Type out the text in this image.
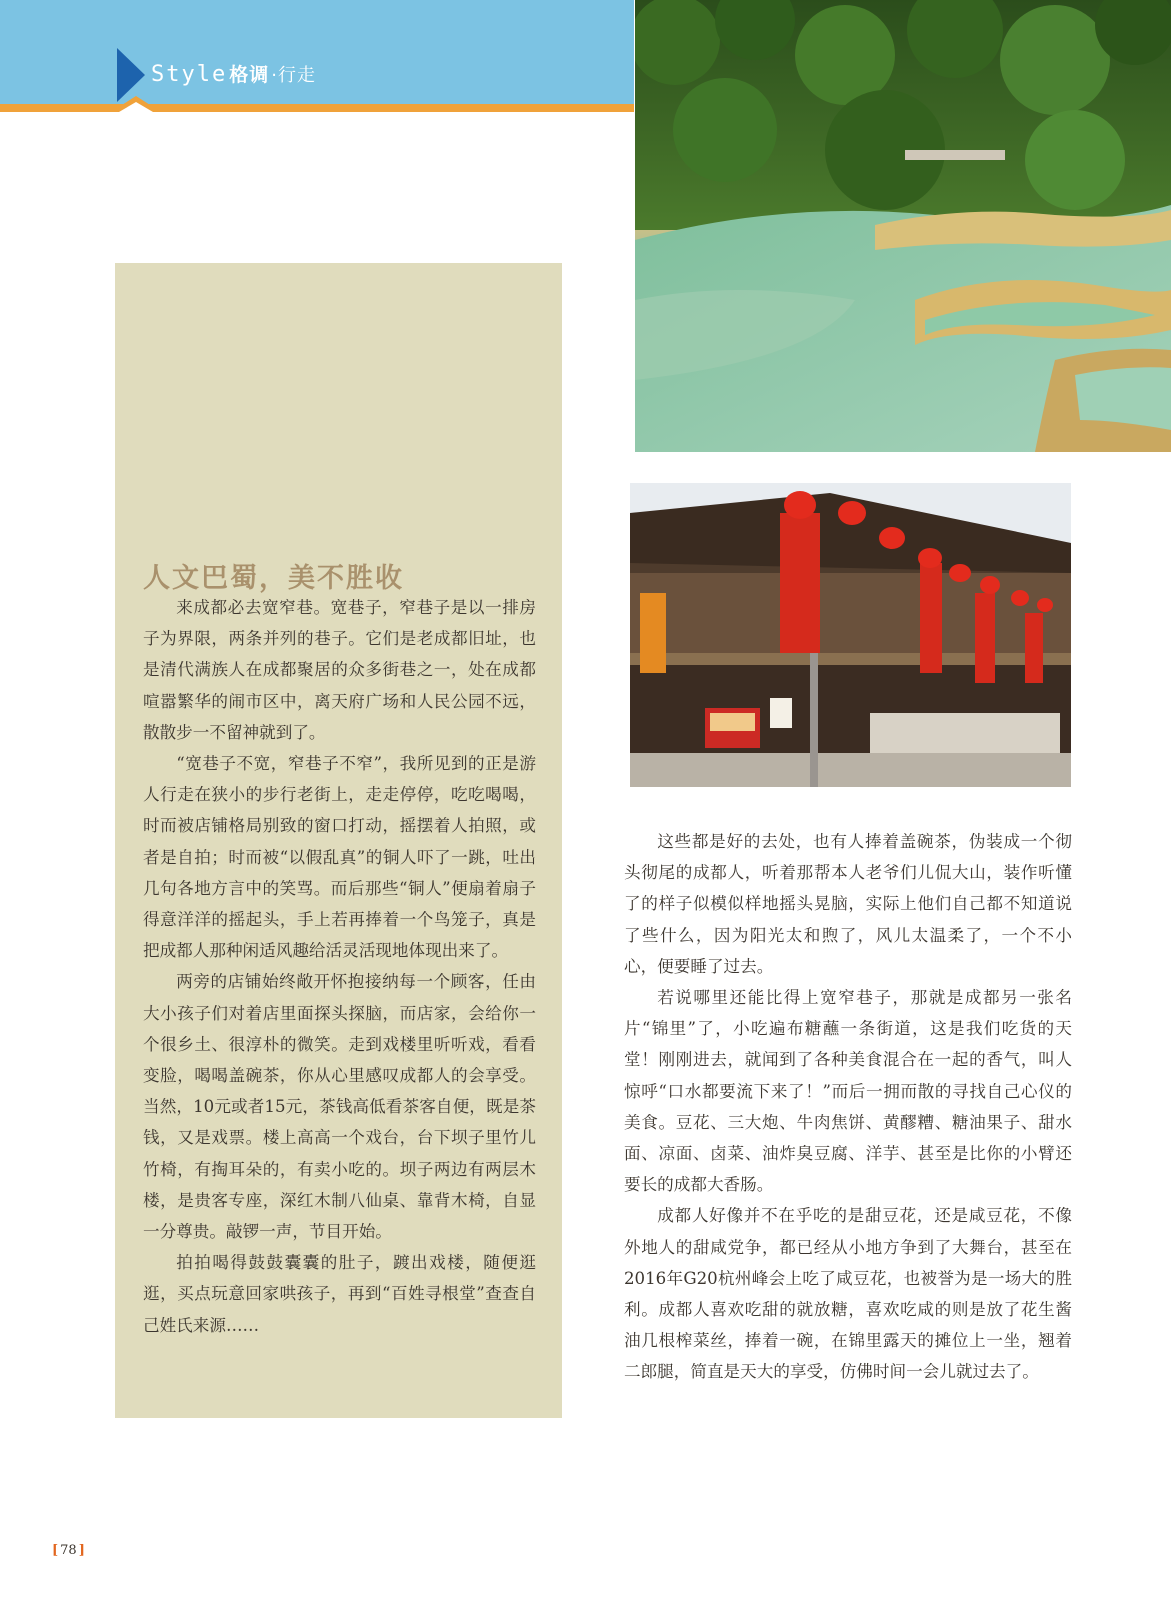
Style 格调 ·行走
人文巴蜀，美不胜收

来成都必去宽窄巷。宽巷子，窄巷子是以一排房子为界限，两条并列的巷子。它们是老成都旧址，也是清代满族人在成都聚居的众多街巷之一，处在成都喧嚣繁华的闹市区中，离天府广场和人民公园不远，散散步一不留神就到了。

“宽巷子不宽，窄巷子不窄”，我所见到的正是游人行走在狭小的步行老街上，走走停停，吃吃喝喝，时而被店铺格局别致的窗口打动，摇摆着人拍照，或者是自拍；时而被“以假乱真”的铜人吓了一跳，吐出几句各地方言中的笑骂。而后那些“铜人”便扇着扇子得意洋洋的摇起头，手上若再捧着一个鸟笼子，真是把成都人那种闲适风趣给活灵活现地体现出来了。

两旁的店铺始终敞开怀抱接纳每一个顾客，任由大小孩子们对着店里面探头探脑，而店家，会给你一个很乡土、很淳朴的微笑。走到戏楼里听听戏，看看变脸，喝喝盖碗茶，你从心里感叹成都人的会享受。当然，10元或者15元，茶钱高低看茶客自便，既是茶钱，又是戏票。楼上高高一个戏台，台下坝子里竹儿竹椅，有掏耳朵的，有卖小吃的。坝子两边有两层木楼，是贵客专座，深红木制八仙桌、靠背木椅，自显一分尊贵。敲锣一声，节目开始。

拍拍喝得鼓鼓囊囊的肚子，踱出戏楼，随便逛逛，买点玩意回家哄孩子，再到“百姓寻根堂”查查自己姓氏来源……

这些都是好的去处，也有人捧着盖碗茶，伪装成一个彻头彻尾的成都人，听着那帮本人老爷们儿侃大山，装作听懂了的样子似模似样地摇头晃脑，实际上他们自己都不知道说了些什么，因为阳光太和煦了，风儿太温柔了，一个不小心，便要睡了过去。

若说哪里还能比得上宽窄巷子，那就是成都另一张名片“锦里”了，小吃遍布糖蘸一条街道，这是我们吃货的天堂！刚刚进去，就闻到了各种美食混合在一起的香气，叫人惊呼“口水都要流下来了！”而后一拥而散的寻找自己心仪的美食。豆花、三大炮、牛肉焦饼、黄醪糟、糖油果子、甜水面、凉面、卤菜、油炸臭豆腐、洋芋、甚至是比你的小臂还要长的成都大香肠。

成都人好像并不在乎吃的是甜豆花，还是咸豆花，不像外地人的甜咸党争，都已经从小地方争到了大舞台，甚至在2016年G20杭州峰会上吃了咸豆花，也被誉为是一场大的胜利。成都人喜欢吃甜的就放糖，喜欢吃咸的则是放了花生酱油几根榨菜丝，捧着一碗，在锦里露天的摊位上一坐，翘着二郎腿，简直是天大的享受，仿佛时间一会儿就过去了。

[ 78 ]
